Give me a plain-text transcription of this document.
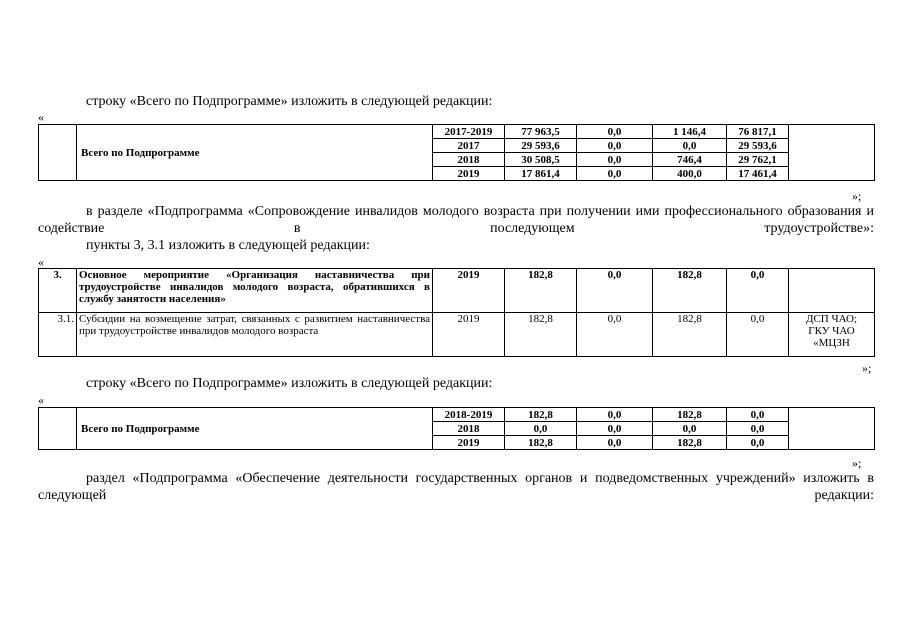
строку «Всего по Подпрограмме» изложить в следующей редакции:
«
	Всего по Подпрограмме	2017-2019	77 963,5	0,0	1 146,4	76 817,1	
		2017	29 593,6	0,0	0,0	29 593,6	
		2018	30 508,5	0,0	746,4	29 762,1	
		2019	17 861,4	0,0	400,0	17 461,4	
»;
в разделе «Подпрограмма «Сопровождение инвалидов молодого возраста при получении ими профессионального образования и содействие в последующем трудоустройстве»:
пункты 3, 3.1 изложить в следующей редакции:
«
3.	Основное мероприятие «Организация наставничества при трудоустройстве инвалидов молодого возраста, обратившихся в службу занятости населения»	2019	182,8	0,0	182,8	0,0	
3.1.	Субсидии на возмещение затрат, связанных с развитием наставничества при трудоустройстве инвалидов молодого возраста	2019	182,8	0,0	182,8	0,0	ДСП ЧАО;
ГКУ ЧАО
«МЦЗН
»;
строку «Всего по Подпрограмме» изложить в следующей редакции:
«
	Всего по Подпрограмме	2018-2019	182,8	0,0	182,8	0,0	
		2018	0,0	0,0	0,0	0,0	
		2019	182,8	0,0	182,8	0,0	
»;
раздел «Подпрограмма «Обеспечение деятельности государственных органов и подведомственных учреждений» изложить в следующей редакции:
